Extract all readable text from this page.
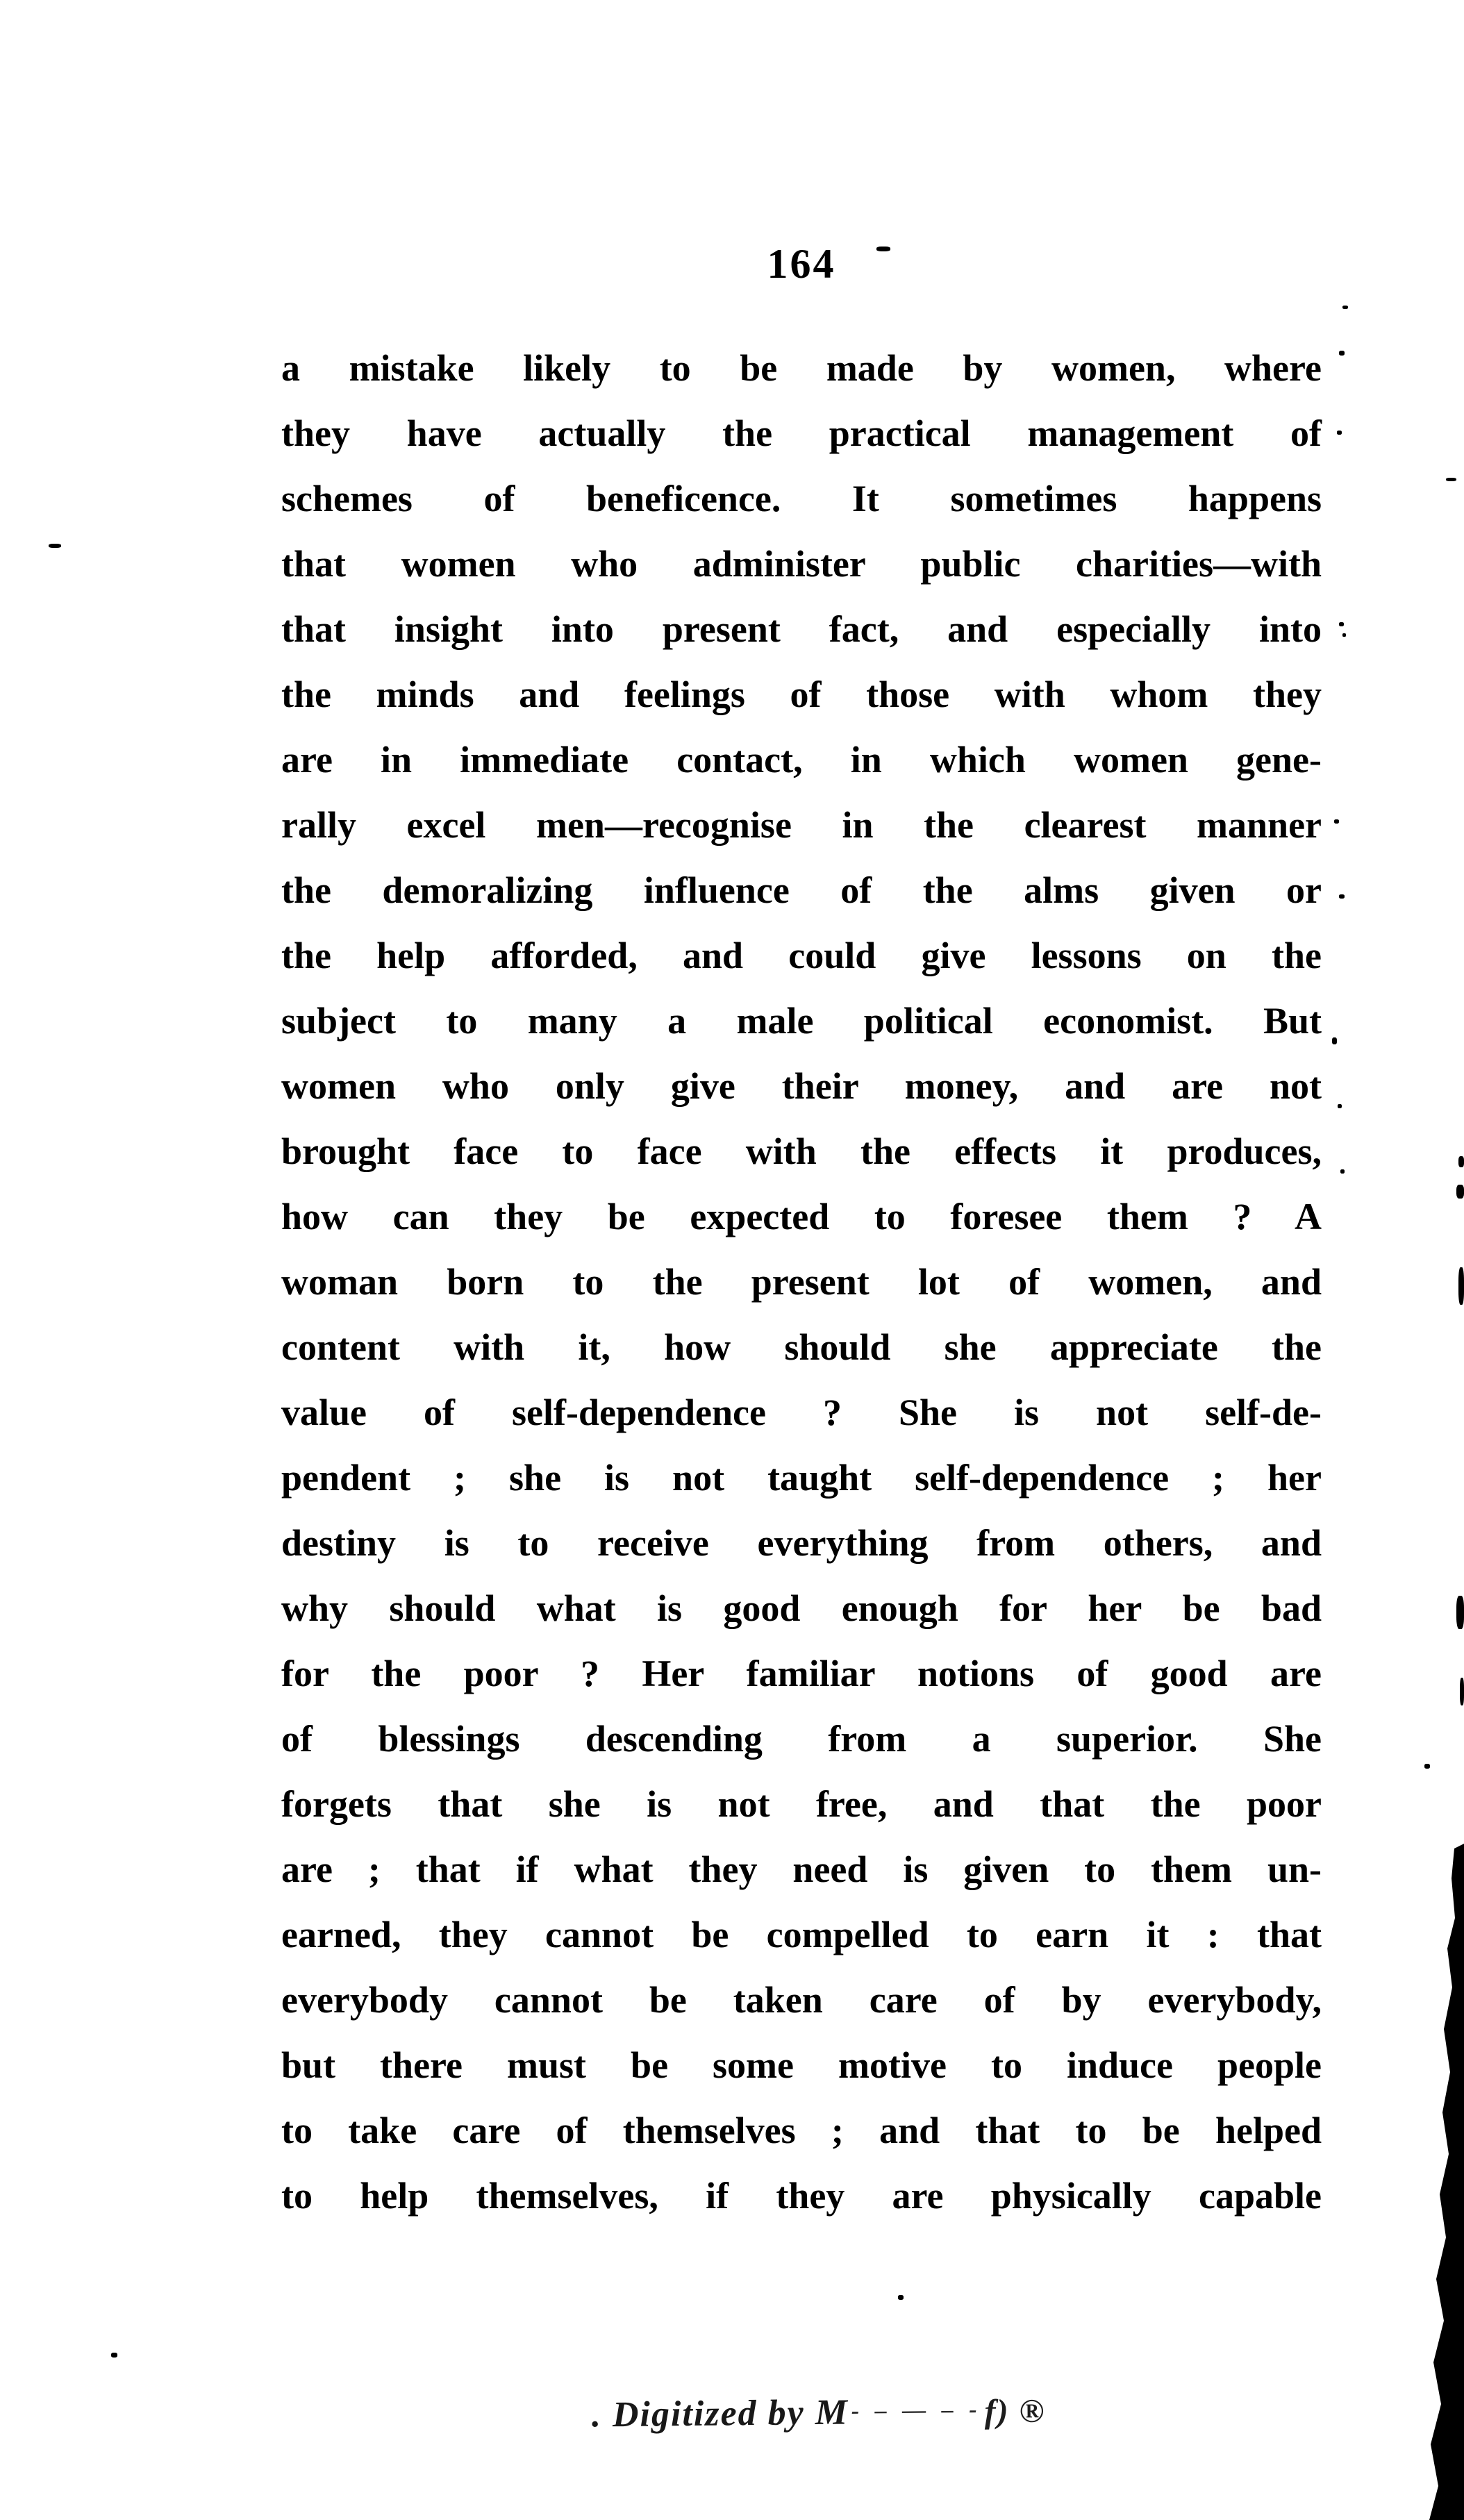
164
a mistake likely to be made by women, where
they have actually the practical management of
schemes of beneficence. It sometimes happens
that women who administer public charities—with
that insight into present fact, and especially into
the minds and feelings of those with whom they
are in immediate contact, in which women gene-
rally excel men—recognise in the clearest manner
the demoralizing influence of the alms given or
the help afforded, and could give lessons on the
subject to many a male political economist. But
women who only give their money, and are not
brought face to face with the effects it produces,
how can they be expected to foresee them ? A
woman born to the present lot of women, and
content with it, how should she appreciate the
value of self-dependence ? She is not self-de-
pendent ; she is not taught self-dependence ; her
destiny is to receive everything from others, and
why should what is good enough for her be bad
for the poor ? Her familiar notions of good are
of blessings descending from a superior. She
forgets that she is not free, and that the poor
are ; that if what they need is given to them un-
earned, they cannot be compelled to earn it : that
everybody cannot be taken care of by everybody,
but there must be some motive to induce people
to take care of themselves ; and that to be helped
to help themselves, if they are physically capable
. Digitized by M - – — – - f) ®
